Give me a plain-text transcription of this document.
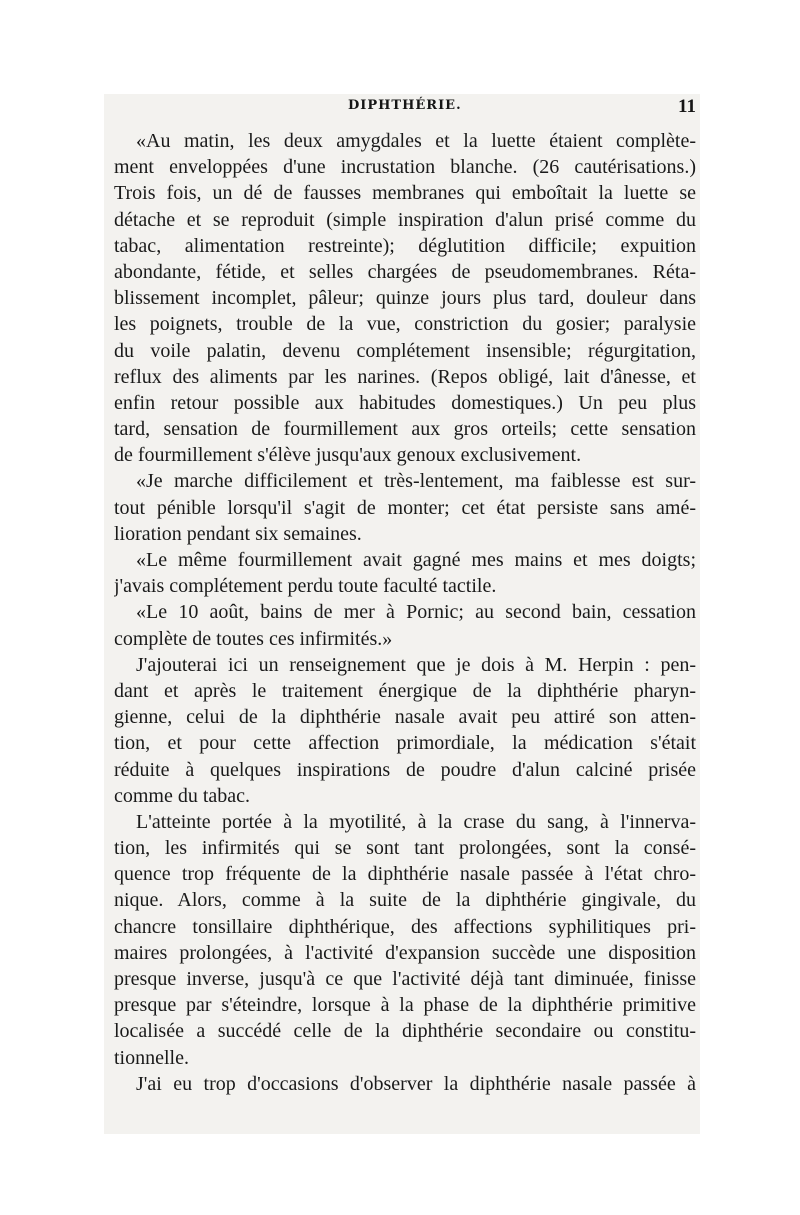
DIPHTHÉRIE.	11
«Au matin, les deux amygdales et la luette étaient complète-
ment enveloppées d'une incrustation blanche. (26 cautérisations.)
Trois fois, un dé de fausses membranes qui emboîtait la luette se
détache et se reproduit (simple inspiration d'alun prisé comme du
tabac, alimentation restreinte); déglutition difficile; expuition
abondante, fétide, et selles chargées de pseudomembranes. Réta-
blissement incomplet, pâleur; quinze jours plus tard, douleur dans
les poignets, trouble de la vue, constriction du gosier; paralysie
du voile palatin, devenu complétement insensible; régurgitation,
reflux des aliments par les narines. (Repos obligé, lait d'ânesse, et
enfin retour possible aux habitudes domestiques.) Un peu plus
tard, sensation de fourmillement aux gros orteils; cette sensation
de fourmillement s'élève jusqu'aux genoux exclusivement.
«Je marche difficilement et très-lentement, ma faiblesse est sur-
tout pénible lorsqu'il s'agit de monter; cet état persiste sans amé-
lioration pendant six semaines.
«Le même fourmillement avait gagné mes mains et mes doigts;
j'avais complétement perdu toute faculté tactile.
«Le 10 août, bains de mer à Pornic; au second bain, cessation
complète de toutes ces infirmités.»
J'ajouterai ici un renseignement que je dois à M. Herpin : pen-
dant et après le traitement énergique de la diphthérie pharyn-
gienne, celui de la diphthérie nasale avait peu attiré son atten-
tion, et pour cette affection primordiale, la médication s'était
réduite à quelques inspirations de poudre d'alun calciné prisée
comme du tabac.
L'atteinte portée à la myotilité, à la crase du sang, à l'innerva-
tion, les infirmités qui se sont tant prolongées, sont la consé-
quence trop fréquente de la diphthérie nasale passée à l'état chro-
nique. Alors, comme à la suite de la diphthérie gingivale, du
chancre tonsillaire diphthérique, des affections syphilitiques pri-
maires prolongées, à l'activité d'expansion succède une disposition
presque inverse, jusqu'à ce que l'activité déjà tant diminuée, finisse
presque par s'éteindre, lorsque à la phase de la diphthérie primitive
localisée a succédé celle de la diphthérie secondaire ou constitu-
tionnelle.
J'ai eu trop d'occasions d'observer la diphthérie nasale passée à
